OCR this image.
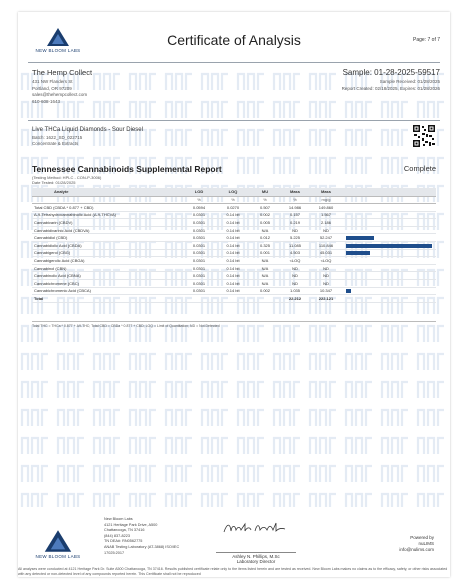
NEW BLOOM LABS
Certificate of Analysis	Page: 7 of 7
The Hemp Collect
431 NW Flanders St
Portland, OR 97209
sales@thehempcollect.com
610-608-1643
Sample: 01-28-2025-59517
Sample Received: 01/28/2025
Report Created: 02/18/2025, Expires: 01/28/2026
Live THCa Liquid Diamonds - Sour Diesel
Batch: 1622_SD_022715
Concentrate & Extracts
Tennessee Cannabinoids Supplemental Report	Complete
(Testing Method: HPLC - CON-P-3006)
Date Tested: 01/28/2025
Analyte	LOD	LOQ	MU	Mass	Mass	
	%	%	%	%	mg/g	
Total CBD (CBDA * 0.877 + CBD)	0.0594	0.0270	0.507	14.986	149.860	
Δ-9-Tetrahydrocannabinolic Acid (Δ-9-THCVA)	0.0301	0.14 bit	0.002	0.157	1.567	
Cannabivarin (CBDV)	0.0301	0.14 bit	0.005	0.219	2.186	
Cannabidivarinic Acid (CBDVA)	0.0301	0.14 bit	N/A	ND	ND	
Cannabidiol (CBD)	0.0301	0.14 bit	0.012	5.225	52.247	
Cannabidiolic Acid (CBDA)	0.0301	0.14 bit	0.325	11.085	110.846	
Cannabigerol (CBG)	0.0301	0.14 bit	0.001	4.503	45.031	
Cannabigerolic Acid (CBGA)	0.0301	0.14 bit	N/A	<LOQ	<LOQ	
Cannabinol (CBN)	0.0301	0.14 bit	N/A	ND	ND	
Cannabinolic Acid (CBNA)	0.0301	0.14 bit	N/A	ND	ND	
Cannabichromene (CBC)	0.0301	0.14 bit	N/A	ND	ND	
Cannabichromenic Acid (CBCA)	0.0301	0.14 bit	0.002	1.035	10.347	
Total				22.212	222.121	
Total THC = THCa * 0.877 + Δ9-THC; Total CBD = CBDa * 0.877 + CBD; LOQ = Limit of Quantitation; ND = Not Detected
NEW BLOOM LABS
New Bloom Labs
4121 Heritage Park Drive, A500
Chattanooga, TN 37416
(844) 837-8223
TN DEA#: RN0562775
ANAB Testing Laboratory (AT-3868) ISO/IEC
17025:2017
Ashley N. Phillips, M.Sc
Laboratory Director
Powered by
nuLIMS
info@nulims.com
All analyses were conducted at 4121 Heritage Park Dr. Suite A500 Chattanooga, TN 37416. Results published certificate relate only to the items listed herein and are tested as received. New Bloom Labs makes no claims as to the efficacy, safety, or other risks associated with any detected or non-detected level of any compounds reported herein. This Certificate shall not be reproduced
